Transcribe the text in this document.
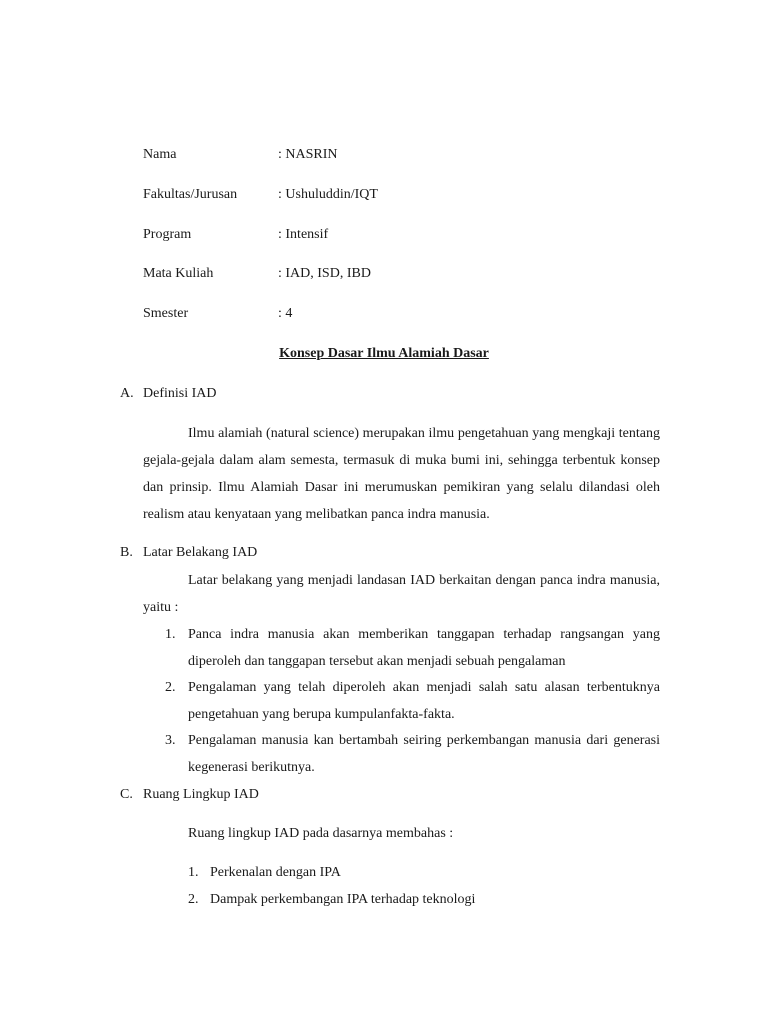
Nama	: NASRIN
Fakultas/Jurusan	: Ushuluddin/IQT
Program	: Intensif
Mata Kuliah	: IAD, ISD, IBD
Smester	: 4
Konsep Dasar Ilmu Alamiah Dasar
A. Definisi IAD
Ilmu alamiah (natural science) merupakan ilmu pengetahuan yang mengkaji tentang gejala-gejala dalam alam semesta, termasuk di muka bumi ini, sehingga terbentuk konsep dan prinsip. Ilmu Alamiah Dasar ini merumuskan pemikiran yang selalu dilandasi oleh realism atau kenyataan yang melibatkan panca indra manusia.
B. Latar Belakang IAD
Latar belakang yang menjadi landasan IAD berkaitan dengan panca indra manusia, yaitu :
1. Panca indra manusia akan memberikan tanggapan terhadap rangsangan yang diperoleh dan tanggapan tersebut akan menjadi sebuah pengalaman
2. Pengalaman yang telah diperoleh akan menjadi salah satu alasan terbentuknya pengetahuan yang berupa kumpulanfakta-fakta.
3. Pengalaman manusia kan bertambah seiring perkembangan manusia dari generasi kegenerasi berikutnya.
C. Ruang Lingkup IAD
Ruang lingkup IAD pada dasarnya membahas :
1. Perkenalan dengan IPA
2. Dampak perkembangan IPA terhadap teknologi
